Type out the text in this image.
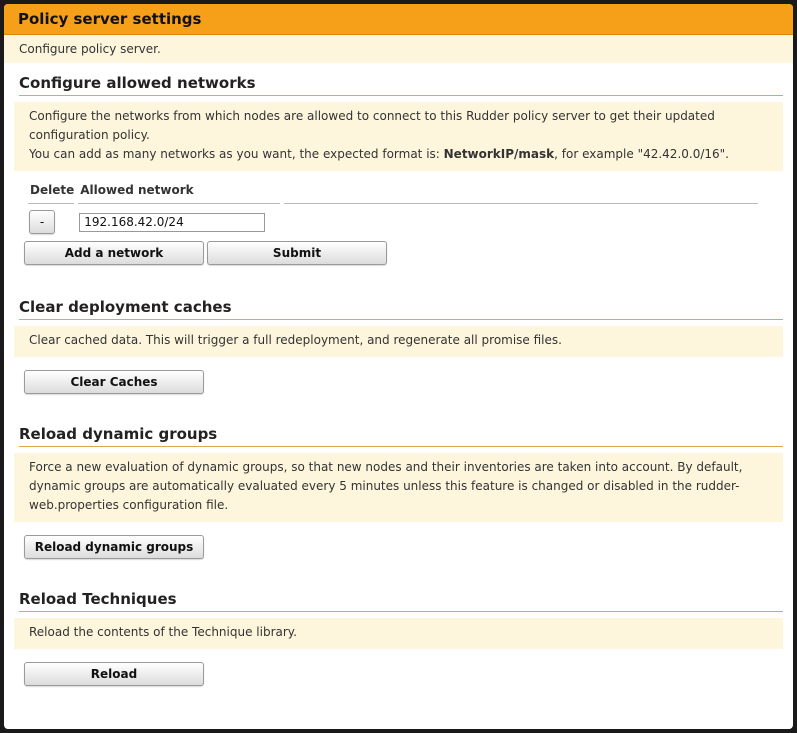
Policy server settings
Configure policy server.
Configure allowed networks
Configure the networks from which nodes are allowed to connect to this Rudder policy server to get their updated configuration policy.
You can add as many networks as you want, the expected format is: NetworkIP/mask, for example "42.42.0.0/16".
Delete	Allowed network	
-	192.168.42.0/24	
Add a network	Submit
Clear deployment caches
Clear cached data. This will trigger a full redeployment, and regenerate all promise files.
Clear Caches
Reload dynamic groups
Force a new evaluation of dynamic groups, so that new nodes and their inventories are taken into account. By default, dynamic groups are automatically evaluated every 5 minutes unless this feature is changed or disabled in the rudder-web.properties configuration file.
Reload dynamic groups
Reload Techniques
Reload the contents of the Technique library.
Reload
